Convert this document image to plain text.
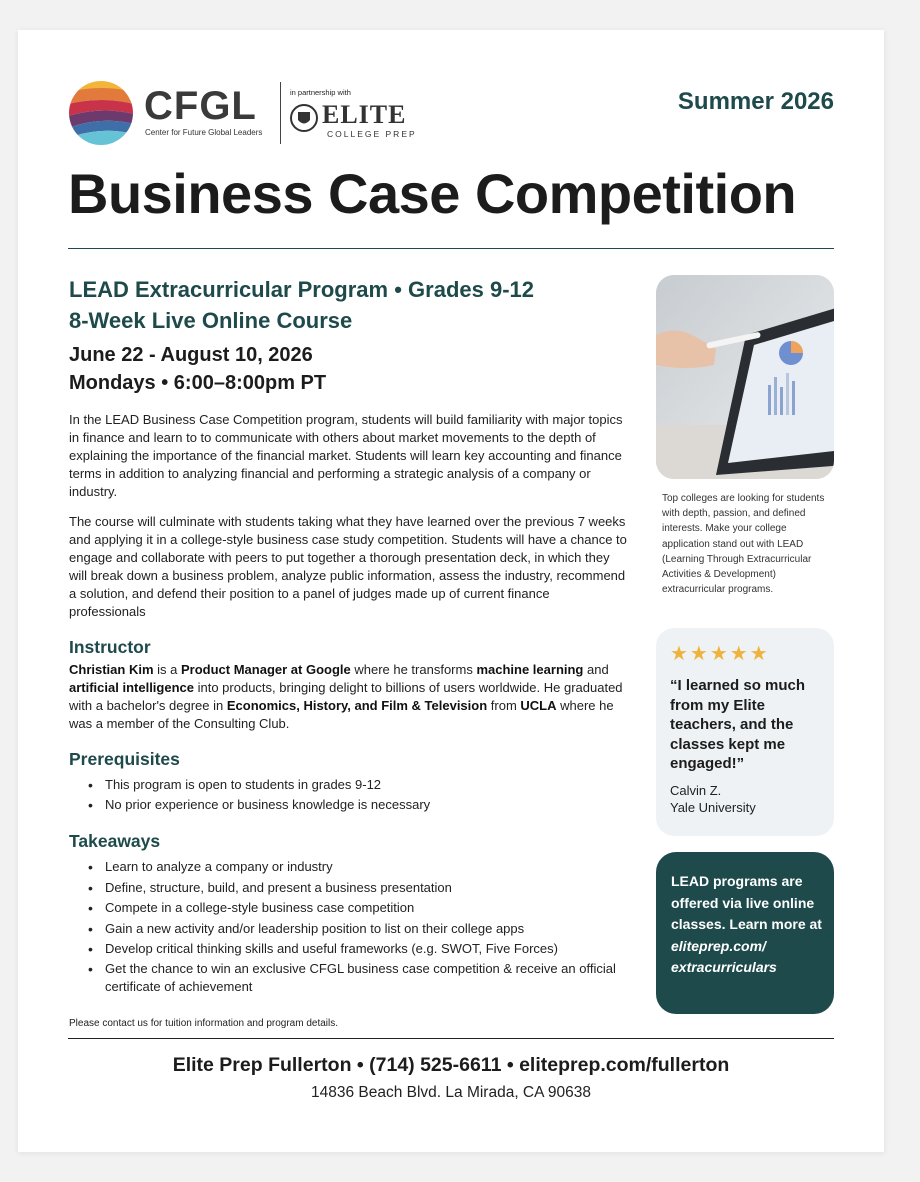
CFGL
Center for Future Global Leaders
in partnership with
ELITE
COLLEGE PREP
Summer 2026
Business Case Competition
LEAD Extracurricular Program • Grades 9-12
8-Week Live Online Course
June 22 - August 10, 2026
Mondays • 6:00–8:00pm PT

In the LEAD Business Case Competition program, students will build familiarity with major topics in finance and learn to to communicate with others about market movements to the depth of explaining the importance of the financial market. Students will learn key accounting and finance terms in addition to analyzing financial and performing a strategic analysis of a company or industry.

The course will culminate with students taking what they have learned over the previous 7 weeks and applying it in a college-style business case study competition. Students will have a chance to engage and collaborate with peers to put together a thorough presentation deck, in which they will break down a business problem, analyze public information, assess the industry, recommend a solution, and defend their position to a panel of judges made up of current finance professionals

Instructor

Christian Kim is a Product Manager at Google where he transforms machine learning and artificial intelligence into products, bringing delight to billions of users worldwide. He graduated with a bachelor's degree in Economics, History, and Film & Television from UCLA where he was a member of the Consulting Club.

Prerequisites
• This program is open to students in grades 9-12
• No prior experience or business knowledge is necessary
Takeaways
• Learn to analyze a company or industry
• Define, structure, build, and present a business presentation
• Compete in a college-style business case competition
• Gain a new activity and/or leadership position to list on their college apps
• Develop critical thinking skills and useful frameworks (e.g. SWOT, Five Forces)
• Get the chance to win an exclusive CFGL business case competition & receive an official certificate of achievement
Please contact us for tuition information and program details.
Elite Prep Fullerton • (714) 525-6611 • eliteprep.com/fullerton
14836 Beach Blvd. La Mirada, CA 90638
Top colleges are looking for students with depth, passion, and defined interests. Make your college application stand out with LEAD (Learning Through Extracurricular Activities & Development) extracurricular programs.
★★★★★
“I learned so much from my Elite teachers, and the classes kept me engaged!”
Calvin Z.
Yale University
LEAD programs are offered via live online classes. Learn more at eliteprep.com/ extracurriculars
